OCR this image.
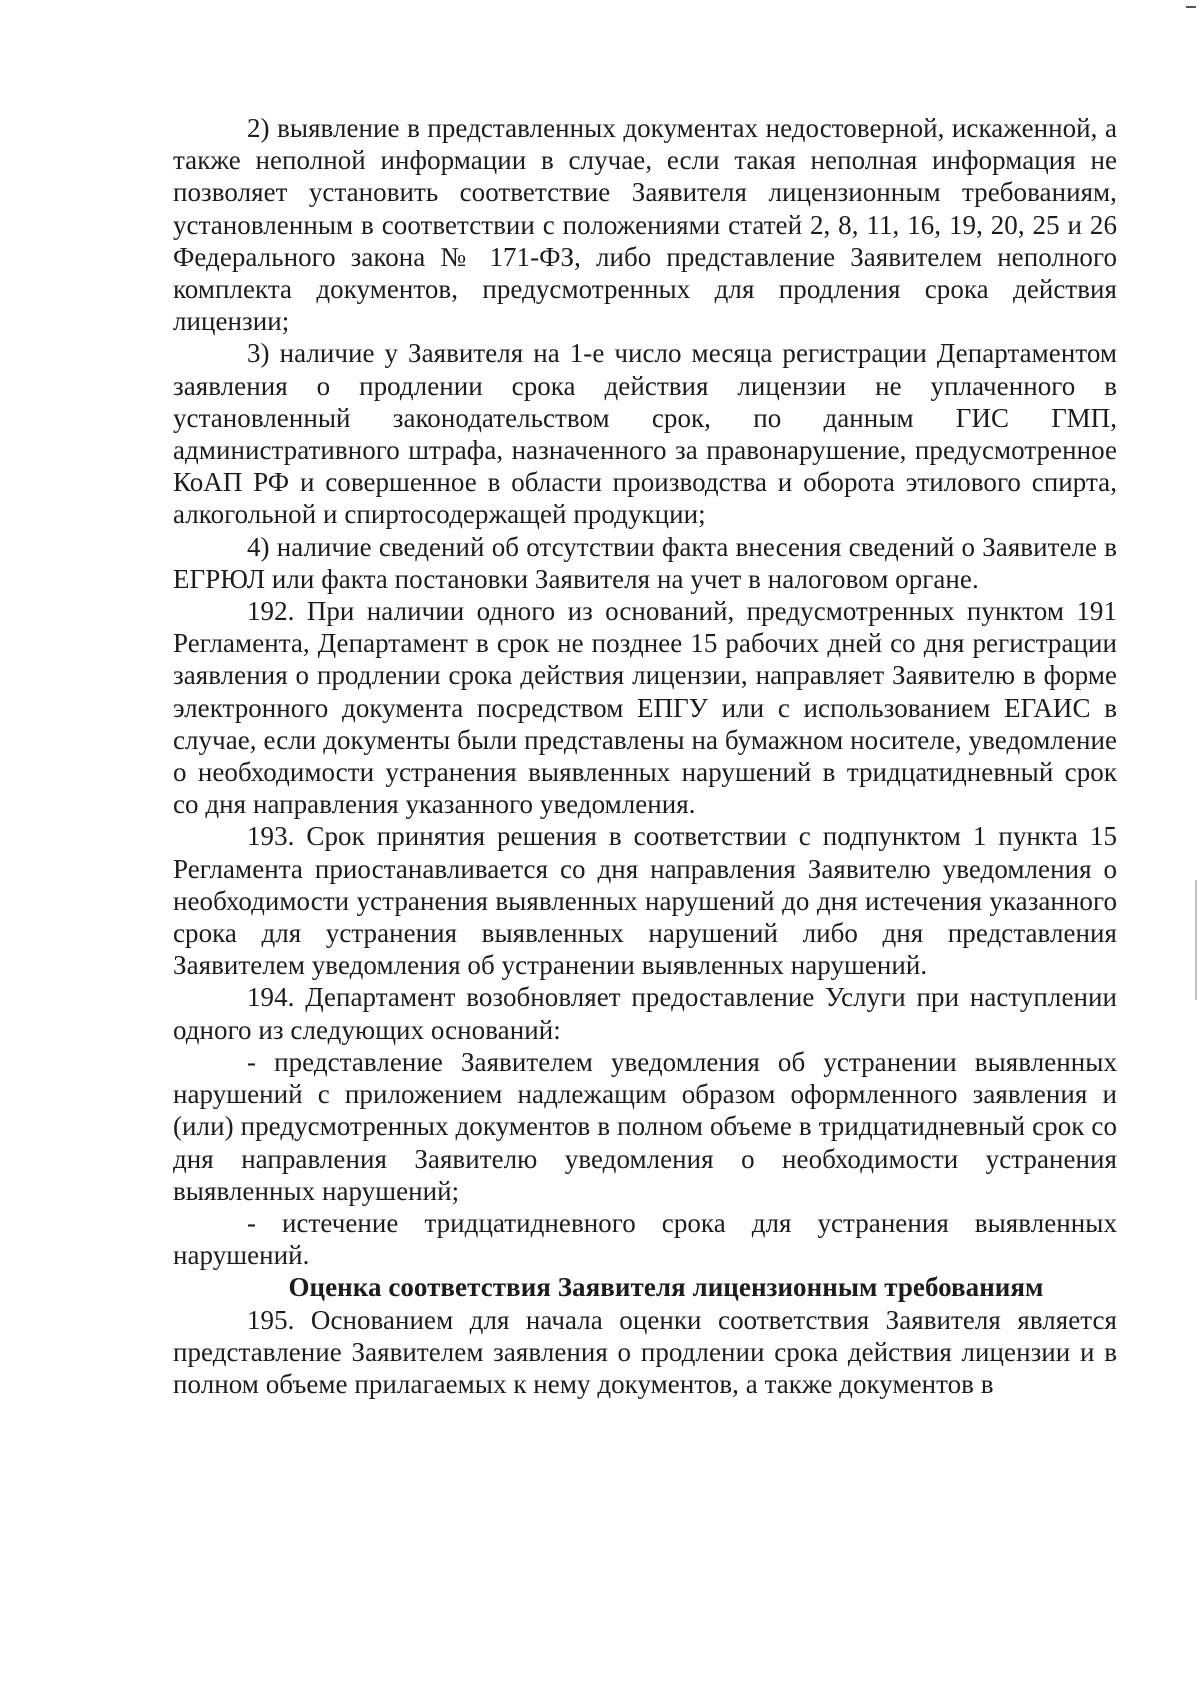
2) выявление в представленных документах недостоверной, искаженной, а также неполной информации в случае, если такая неполная информация не позволяет установить соответствие Заявителя лицензионным требованиям, установленным в соответствии с положениями статей 2, 8, 11, 16, 19, 20, 25 и 26 Федерального закона № 171-ФЗ, либо представление Заявителем неполного комплекта документов, предусмотренных для продления срока действия лицензии;

3) наличие у Заявителя на 1-е число месяца регистрации Департаментом заявления о продлении срока действия лицензии не уплаченного в установленный законодательством срок, по данным ГИС ГМП, административного штрафа, назначенного за правонарушение, предусмотренное КоАП РФ и совершенное в области производства и оборота этилового спирта, алкогольной и спиртосодержащей продукции;

4) наличие сведений об отсутствии факта внесения сведений о Заявителе в ЕГРЮЛ или факта постановки Заявителя на учет в налоговом органе.

192. При наличии одного из оснований, предусмотренных пунктом 191 Регламента, Департамент в срок не позднее 15 рабочих дней со дня регистрации заявления о продлении срока действия лицензии, направляет Заявителю в форме электронного документа посредством ЕПГУ или с использованием ЕГАИС в случае, если документы были представлены на бумажном носителе, уведомление о необходимости устранения выявленных нарушений в тридцатидневный срок со дня направления указанного уведомления.

193. Срок принятия решения в соответствии с подпунктом 1 пункта 15 Регламента приостанавливается со дня направления Заявителю уведомления о необходимости устранения выявленных нарушений до дня истечения указанного срока для устранения выявленных нарушений либо дня представления Заявителем уведомления об устранении выявленных нарушений.

194. Департамент возобновляет предоставление Услуги при наступлении одного из следующих оснований:

- представление Заявителем уведомления об устранении выявленных нарушений с приложением надлежащим образом оформленного заявления и (или) предусмотренных документов в полном объеме в тридцатидневный срок со дня направления Заявителю уведомления о необходимости устранения выявленных нарушений;

- истечение тридцатидневного срока для устранения выявленных нарушений.

Оценка соответствия Заявителя лицензионным требованиям

195. Основанием для начала оценки соответствия Заявителя является представление Заявителем заявления о продлении срока действия лицензии и в полном объеме прилагаемых к нему документов, а также документов в
